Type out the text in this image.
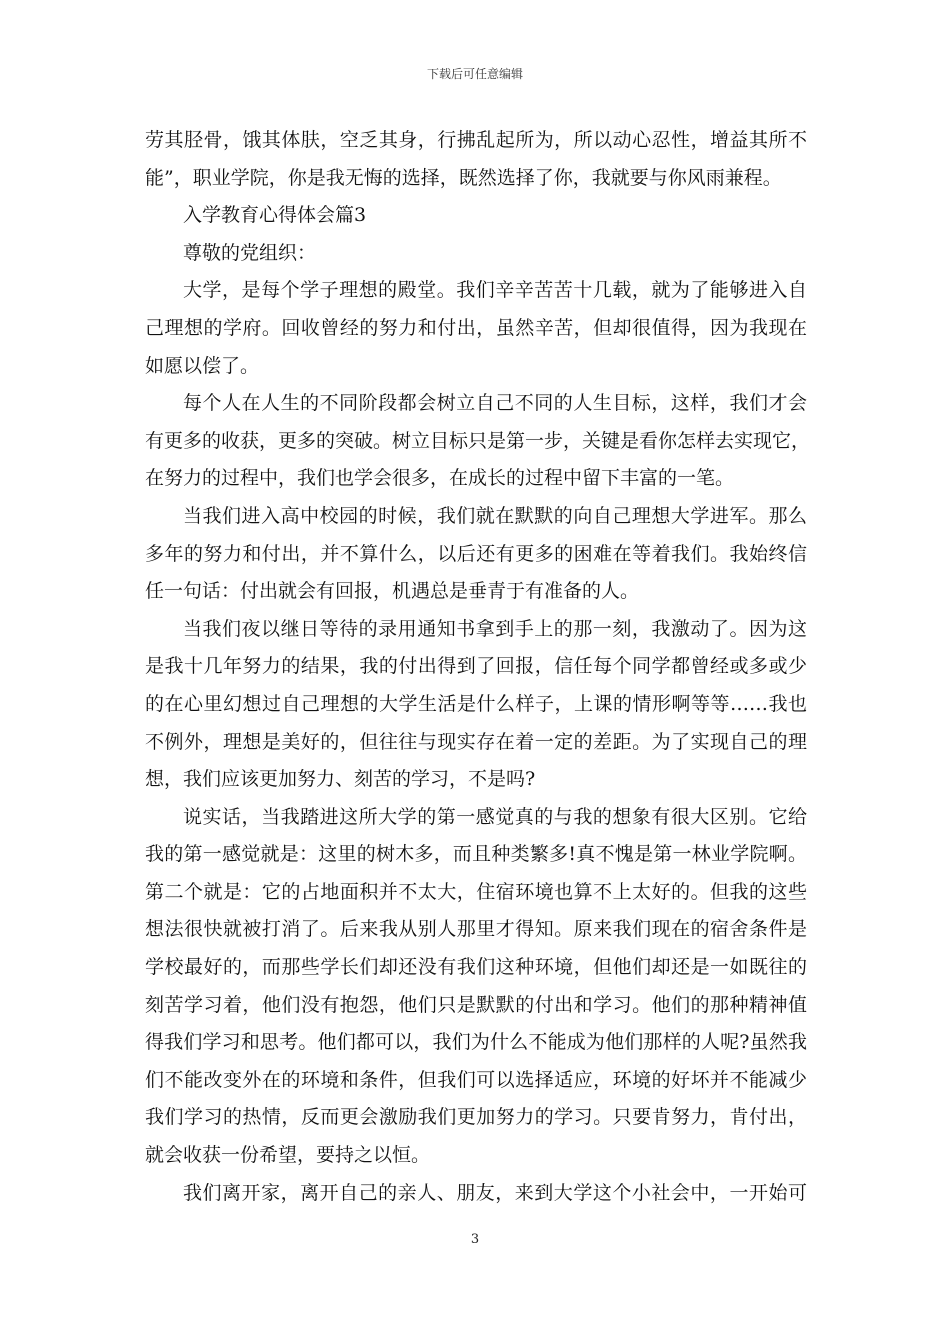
下载后可任意编辑
劳其胫骨，饿其体肤，空乏其身，行拂乱起所为，所以动心忍性，增益其所不
能”，职业学院，你是我无悔的选择，既然选择了你，我就要与你风雨兼程。
入学教育心得体会篇3
尊敬的党组织：
大学，是每个学子理想的殿堂。我们辛辛苦苦十几载，就为了能够进入自
己理想的学府。回收曾经的努力和付出，虽然辛苦，但却很值得，因为我现在
如愿以偿了。
每个人在人生的不同阶段都会树立自己不同的人生目标，这样，我们才会
有更多的收获，更多的突破。树立目标只是第一步，关键是看你怎样去实现它，
在努力的过程中，我们也学会很多，在成长的过程中留下丰富的一笔。
当我们进入高中校园的时候，我们就在默默的向自己理想大学进军。那么
多年的努力和付出，并不算什么，以后还有更多的困难在等着我们。我始终信
任一句话：付出就会有回报，机遇总是垂青于有准备的人。
当我们夜以继日等待的录用通知书拿到手上的那一刻，我激动了。因为这
是我十几年努力的结果，我的付出得到了回报，信任每个同学都曾经或多或少
的在心里幻想过自己理想的大学生活是什么样子，上课的情形啊等等……我也
不例外，理想是美好的，但往往与现实存在着一定的差距。为了实现自己的理
想，我们应该更加努力、刻苦的学习，不是吗?
说实话，当我踏进这所大学的第一感觉真的与我的想象有很大区别。它给
我的第一感觉就是：这里的树木多，而且种类繁多!真不愧是第一林业学院啊。
第二个就是：它的占地面积并不太大，住宿环境也算不上太好的。但我的这些
想法很快就被打消了。后来我从别人那里才得知。原来我们现在的宿舍条件是
学校最好的，而那些学长们却还没有我们这种环境，但他们却还是一如既往的
刻苦学习着，他们没有抱怨，他们只是默默的付出和学习。他们的那种精神值
得我们学习和思考。他们都可以，我们为什么不能成为他们那样的人呢?虽然我
们不能改变外在的环境和条件，但我们可以选择适应，环境的好坏并不能减少
我们学习的热情，反而更会激励我们更加努力的学习。只要肯努力，肯付出，
就会收获一份希望，要持之以恒。
我们离开家，离开自己的亲人、朋友，来到大学这个小社会中，一开始可
3
